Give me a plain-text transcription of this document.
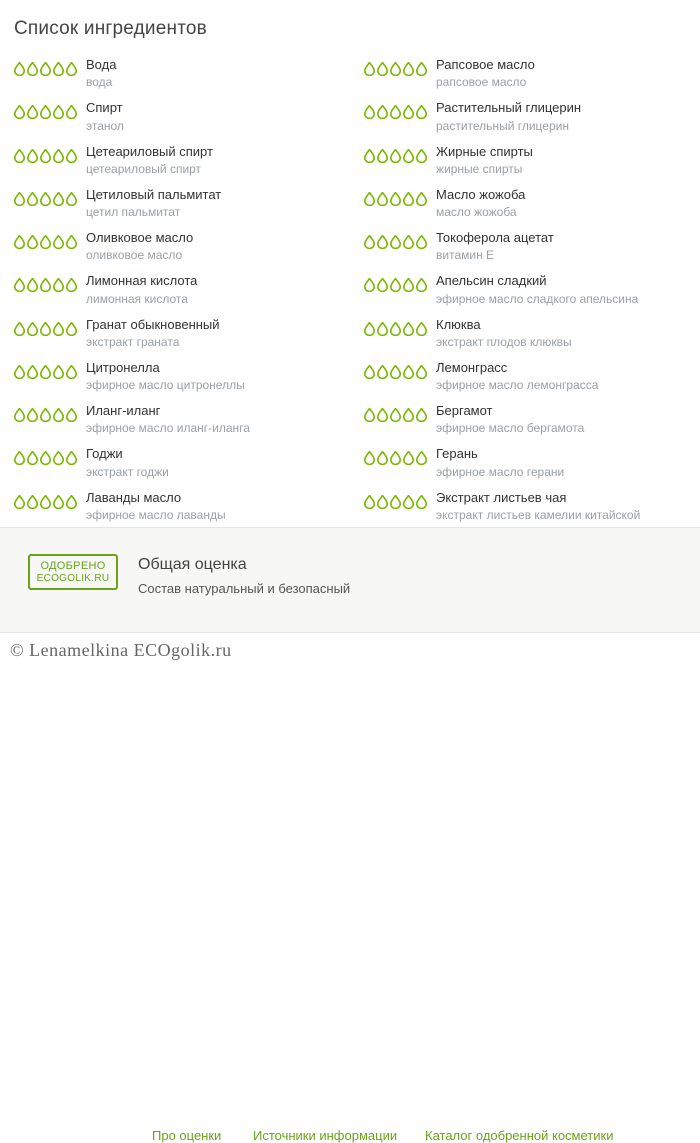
Список ингредиентов
Вода
вода
Спирт
этанол
Цетеариловый спирт
цетеариловый спирт
Цетиловый пальмитат
цетил пальмитат
Оливковое масло
оливковое масло
Лимонная кислота
лимонная кислота
Гранат обыкновенный
экстракт граната
Цитронелла
эфирное масло цитронеллы
Иланг-иланг
эфирное масло иланг-иланга
Годжи
экстракт годжи
Лаванды масло
эфирное масло лаванды
Рапсовое масло
рапсовое масло
Растительный глицерин
растительный глицерин
Жирные спирты
жирные спирты
Масло жожоба
масло жожоба
Токоферола ацетат
витамин Е
Апельсин сладкий
эфирное масло сладкого апельсина
Клюква
экстракт плодов клюквы
Лемонграсс
эфирное масло лемонграсса
Бергамот
эфирное масло бергамота
Герань
эфирное масло герани
Экстракт листьев чая
экстракт листьев камелии китайской
ОДОБРЕНО
ECOGOLIK.RU
Общая оценка
Состав натуральный и безопасный
Про оценки Источники информации Каталог одобренной косметики
© Lenamelkina ECOgolik.ru
